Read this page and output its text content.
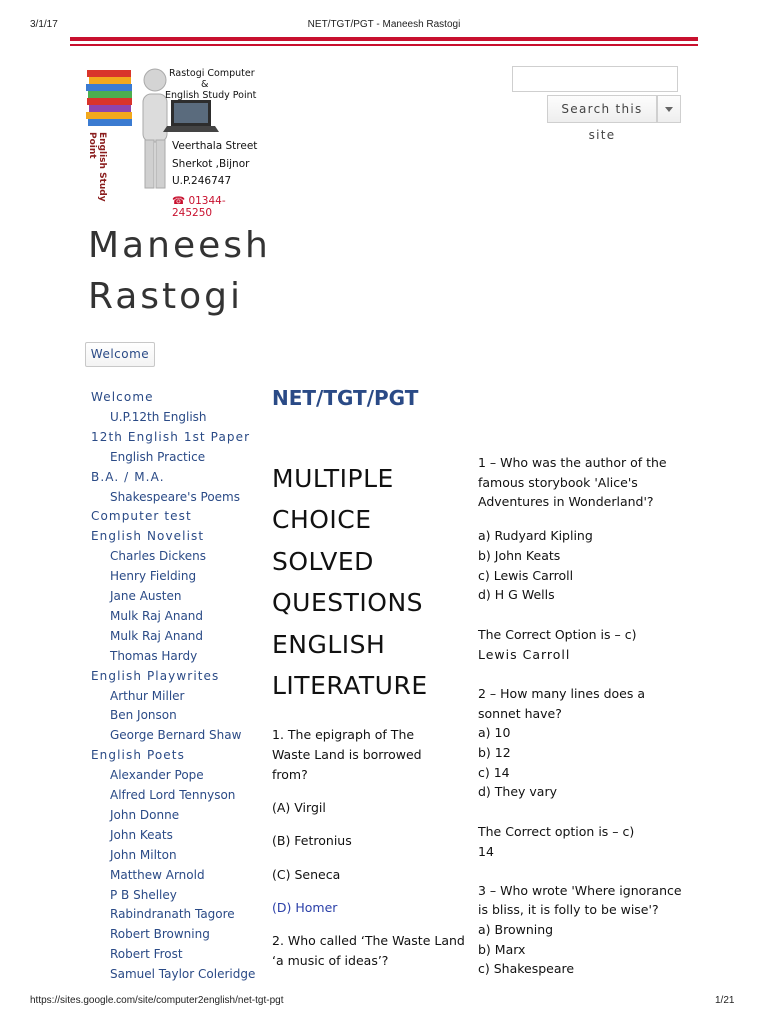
3/1/17	NET/TGT/PGT - Maneesh Rastogi
English Study Point
Rastogi Computer
&
English Study Point
Veerthala Street
Sherkot ,Bijnor
U.P.246747
☎ 01344-245250
Search this site
Maneesh
Rastogi
Welcome
Welcome
U.P.12th English
12th English 1st Paper
English Practice
B.A. / M.A.
Shakespeare's Poems
Computer test
English Novelist
Charles Dickens
Henry Fielding
Jane Austen
Mulk Raj Anand
Mulk Raj Anand
Thomas Hardy
English Playwrites
Arthur Miller
Ben Jonson
George Bernard Shaw
English Poets
Alexander Pope
Alfred Lord Tennyson
John Donne
John Keats
John Milton
Matthew Arnold
P B Shelley
Rabindranath Tagore
Robert Browning
Robert Frost
Samuel Taylor Coleridge
NET/TGT/PGT
MULTIPLE
CHOICE
SOLVED
QUESTIONS
ENGLISH
LITERATURE
1. The epigraph of The
Waste Land is borrowed
from?
(A) Virgil
(B) Fetronius
(C) Seneca
(D) Homer
2. Who called ‘The Waste Land
‘a music of ideas’?
1 – Who was the author of the
famous storybook 'Alice's
Adventures in Wonderland'?
a) Rudyard Kipling
b) John Keats
c) Lewis Carroll
d) H G Wells
The Correct Option is – c)
Lewis Carroll
2 – How many lines does a
sonnet have?
a) 10
b) 12
c) 14
d) They vary
The Correct option is – c)
14
3 – Who wrote 'Where ignorance
is bliss, it is folly to be wise'?
a) Browning
b) Marx
c) Shakespeare
https://sites.google.com/site/computer2english/net-tgt-pgt	1/21
